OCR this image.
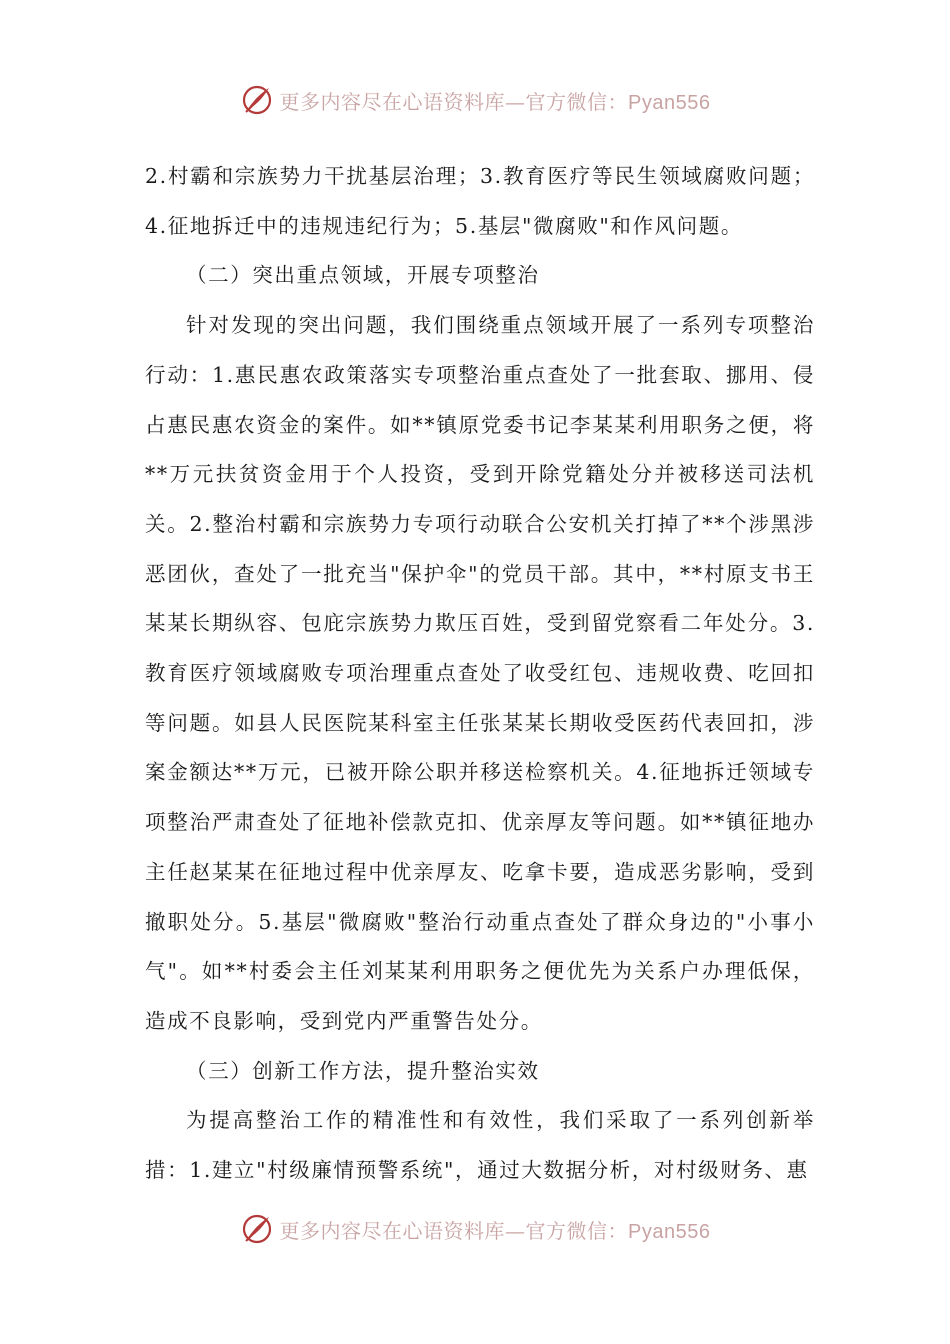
更多内容尽在心语资料库—官方微信：Pyan556

2.村霸和宗族势力干扰基层治理；3.教育医疗等民生领域腐败问题；4.征地拆迁中的违规违纪行为；5.基层"微腐败"和作风问题。

（二）突出重点领域，开展专项整治

针对发现的突出问题，我们围绕重点领域开展了一系列专项整治行动：1.惠民惠农政策落实专项整治重点查处了一批套取、挪用、侵占惠民惠农资金的案件。如**镇原党委书记李某某利用职务之便，将**万元扶贫资金用于个人投资，受到开除党籍处分并被移送司法机关。2.整治村霸和宗族势力专项行动联合公安机关打掉了**个涉黑涉恶团伙，查处了一批充当"保护伞"的党员干部。其中，**村原支书王某某长期纵容、包庇宗族势力欺压百姓，受到留党察看二年处分。3.教育医疗领域腐败专项治理重点查处了收受红包、违规收费、吃回扣等问题。如县人民医院某科室主任张某某长期收受医药代表回扣，涉案金额达**万元，已被开除公职并移送检察机关。4.征地拆迁领域专项整治严肃查处了征地补偿款克扣、优亲厚友等问题。如**镇征地办主任赵某某在征地过程中优亲厚友、吃拿卡要，造成恶劣影响，受到撤职处分。5.基层"微腐败"整治行动重点查处了群众身边的"小事小气"。如**村委会主任刘某某利用职务之便优先为关系户办理低保，造成不良影响，受到党内严重警告处分。

（三）创新工作方法，提升整治实效

为提高整治工作的精准性和有效性，我们采取了一系列创新举措：1.建立"村级廉情预警系统"，通过大数据分析，对村级财务、惠

更多内容尽在心语资料库—官方微信：Pyan556
